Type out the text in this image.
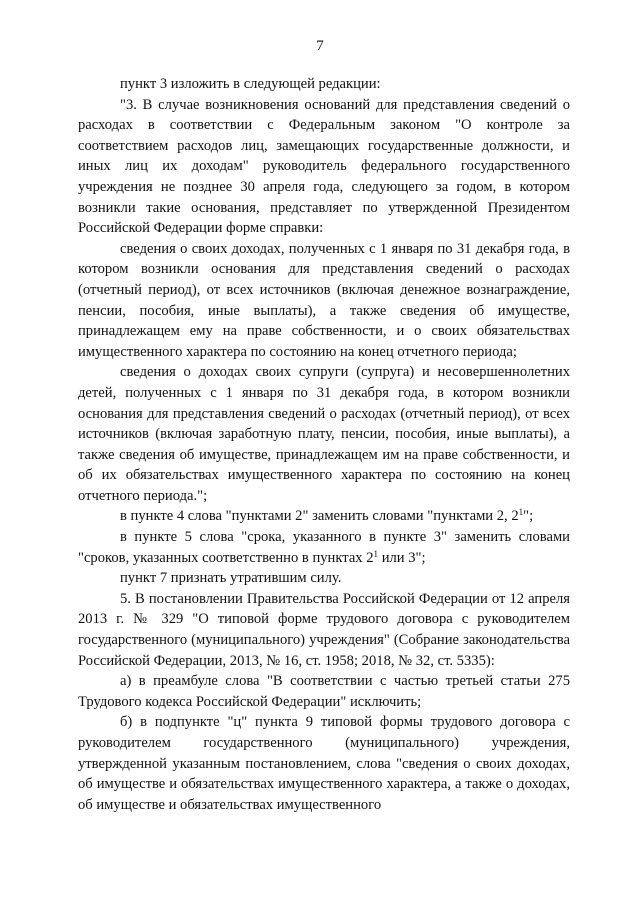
7

пункт 3 изложить в следующей редакции:

"3. В случае возникновения оснований для представления сведений о расходах в соответствии с Федеральным законом "О контроле за соответствием расходов лиц, замещающих государственные должности, и иных лиц их доходам" руководитель федерального государственного учреждения не позднее 30 апреля года, следующего за годом, в котором возникли такие основания, представляет по утвержденной Президентом Российской Федерации форме справки:

сведения о своих доходах, полученных с 1 января по 31 декабря года, в котором возникли основания для представления сведений о расходах (отчетный период), от всех источников (включая денежное вознаграждение, пенсии, пособия, иные выплаты), а также сведения об имуществе, принадлежащем ему на праве собственности, и о своих обязательствах имущественного характера по состоянию на конец отчетного периода;

сведения о доходах своих супруги (супруга) и несовершеннолетних детей, полученных с 1 января по 31 декабря года, в котором возникли основания для представления сведений о расходах (отчетный период), от всех источников (включая заработную плату, пенсии, пособия, иные выплаты), а также сведения об имуществе, принадлежащем им на праве собственности, и об их обязательствах имущественного характера по состоянию на конец отчетного периода.";

в пункте 4 слова "пунктами 2" заменить словами "пунктами 2, $2^1$";

в пункте 5 слова "срока, указанного в пункте 3" заменить словами "сроков, указанных соответственно в пунктах $2^1$ или 3";

пункт 7 признать утратившим силу.

5. В постановлении Правительства Российской Федерации от 12 апреля 2013 г. № 329 "О типовой форме трудового договора с руководителем государственного (муниципального) учреждения" (Собрание законодательства Российской Федерации, 2013, № 16, ст. 1958; 2018, № 32, ст. 5335):

а) в преамбуле слова "В соответствии с частью третьей статьи 275 Трудового кодекса Российской Федерации" исключить;

б) в подпункте "ц" пункта 9 типовой формы трудового договора с руководителем государственного (муниципального) учреждения, утвержденной указанным постановлением, слова "сведения о своих доходах, об имуществе и обязательствах имущественного характера, а также о доходах, об имуществе и обязательствах имущественного
